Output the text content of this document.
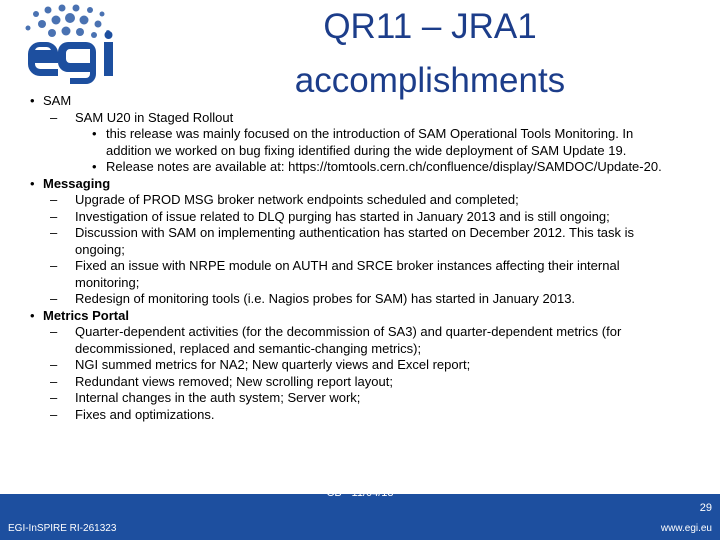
QR11 – JRA1
accomplishments
• SAM
– SAM U20 in Staged Rollout
• this release was mainly focused on the introduction of SAM Operational Tools Monitoring. In
addition we worked on bug fixing identified during the wide deployment of SAM Update 19.
• Release notes are available at: https://tomtools.cern.ch/confluence/display/SAMDOC/Update-20.
• Messaging
– Upgrade of PROD MSG broker network endpoints scheduled and completed;
– Investigation of issue related to DLQ purging has started in January 2013 and is still ongoing;
– Discussion with SAM on implementing authentication has started on December 2012. This task is
ongoing;
– Fixed an issue with NRPE module on AUTH and SRCE broker instances affecting their internal
monitoring;
– Redesign of monitoring tools (i.e. Nagios probes for SAM) has started in January 2013.
• Metrics Portal
– Quarter-dependent activities (for the decommission of SA3) and quarter-dependent metrics (for
decommissioned, replaced and semantic-changing metrics);
– NGI summed metrics for NA2; New quarterly views and Excel report;
– Redundant views removed; New scrolling report layout;
– Internal changes in the auth system; Server work;
– Fixes and optimizations.
CB - 11/04/13
EGI-InSPIRE RI-261323
29
www.egi.eu
